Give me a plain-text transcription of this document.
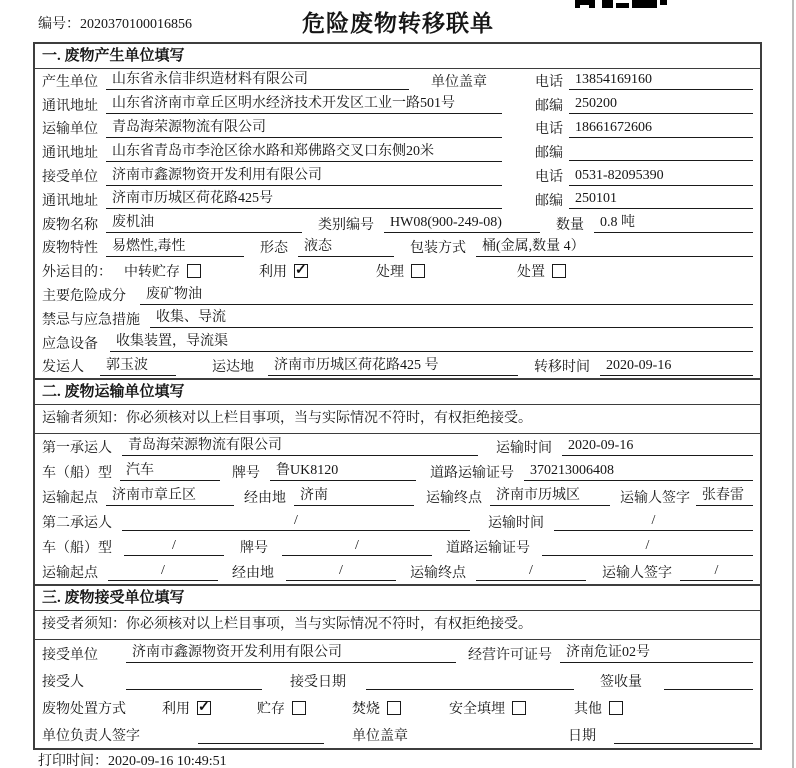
编号：2020370100016856	危险废物转移联单
一. 废物产生单位填写
产生单位	山东省永信非织造材料有限公司	单位盖章	电话 13854169160
通讯地址	山东省济南市章丘区明水经济技术开发区工业一路501号	邮编 250200
运输单位	青岛海荣源物流有限公司	电话 18661672606
通讯地址	山东省青岛市李沧区徐水路和郑佛路交叉口东侧20米	邮编
接受单位	济南市鑫源物资开发利用有限公司	电话 0531-82095390
通讯地址	济南市历城区荷花路425号	邮编 250101
废物名称	废机油	类别编号	HW08(900-249-08)	数量	0.8 吨
废物特性	易燃性,毒性	形态	液态	包装方式	桶(金属,数量 4）
外运目的： 中转贮存	利用 ✓	处理	处置
主要危险成分	废矿物油
禁忌与应急措施	收集、导流
应急设备	收集装置，导流渠
发运人	郭玉波	运达地	济南市历城区荷花路425 号	转移时间	2020-09-16
二. 废物运输单位填写
运输者须知：你必须核对以上栏目事项，当与实际情况不符时，有权拒绝接受。
第一承运人	青岛海荣源物流有限公司	运输时间	2020-09-16
车（船）型	汽车	牌号	鲁UK8120	道路运输证号	370213006408
运输起点	济南市章丘区	经由地	济南	运输终点	济南市历城区	运输人签字 张春雷
第二承运人	/	运输时间	/
车（船）型	/	牌号	/	道路运输证号	/
运输起点	/	经由地	/	运输终点	/	运输人签字	/
三. 废物接受单位填写
接受者须知：你必须核对以上栏目事项，当与实际情况不符时，有权拒绝接受。
接受单位	济南市鑫源物资开发利用有限公司	经营许可证号	济南危证02号
接受人	接受日期	签收量
废物处置方式	利用 ✓	贮存	焚烧	安全填埋	其他
单位负责人签字	单位盖章	日期
打印时间：2020-09-16 10:49:51
